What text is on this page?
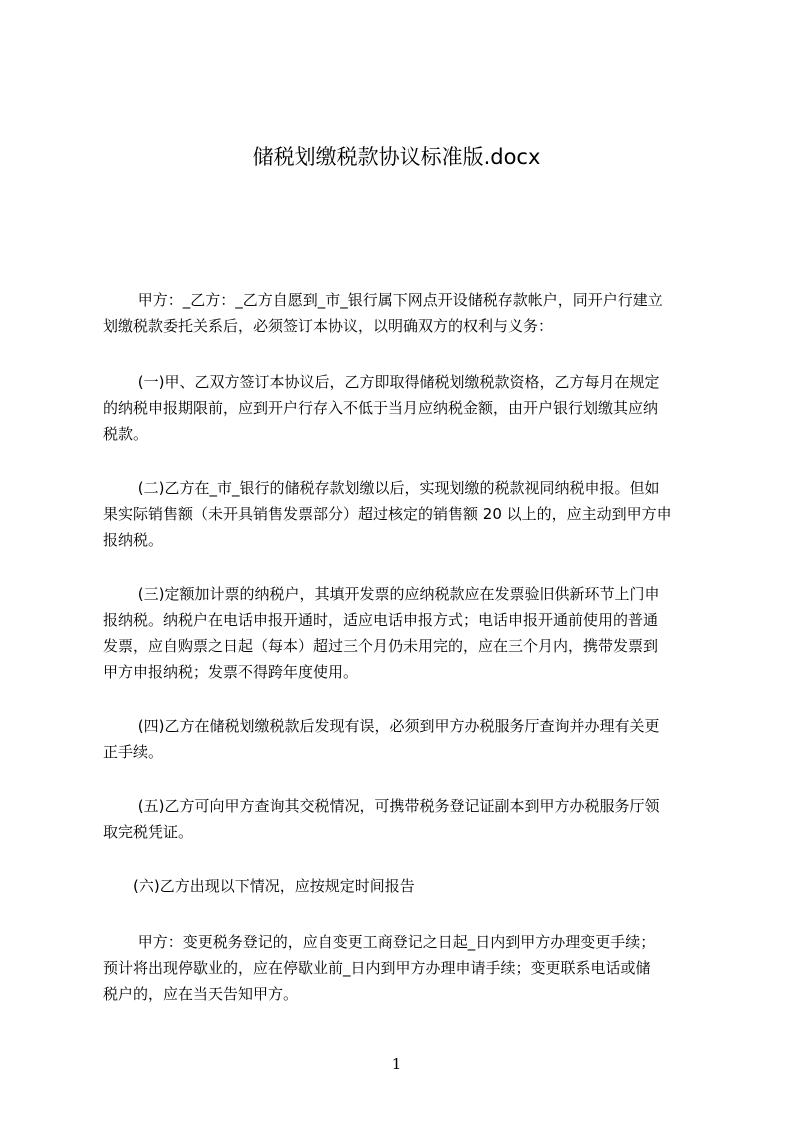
储税划缴税款协议标准版.docx
　　 甲方：_乙方：_乙方自愿到_市_银行属下网点开设储税存款帐户，同开户行建立
划缴税款委托关系后，必须签订本协议，以明确双方的权利与义务：
　　 (一)甲、乙双方签订本协议后，乙方即取得储税划缴税款资格，乙方每月在规定
的纳税申报期限前，应到开户行存入不低于当月应纳税金额，由开户银行划缴其应纳
税款。
　　 (二)乙方在_市_银行的储税存款划缴以后，实现划缴的税款视同纳税申报。但如
果实际销售额（未开具销售发票部分）超过核定的销售额 20 以上的，应主动到甲方申
报纳税。
　　 (三)定额加计票的纳税户，其填开发票的应纳税款应在发票验旧供新环节上门申
报纳税。纳税户在电话申报开通时，适应电话申报方式；电话申报开通前使用的普通
发票，应自购票之日起（每本）超过三个月仍未用完的，应在三个月内，携带发票到
甲方申报纳税；发票不得跨年度使用。
　　 (四)乙方在储税划缴税款后发现有误，必须到甲方办税服务厅查询并办理有关更
正手续。
　　 (五)乙方可向甲方查询其交税情况，可携带税务登记证副本到甲方办税服务厅领
取完税凭证。
　　(六)乙方出现以下情况，应按规定时间报告
　　 甲方：变更税务登记的，应自变更工商登记之日起_日内到甲方办理变更手续；
预计将出现停歇业的，应在停歇业前_日内到甲方办理申请手续；变更联系电话或储
税户的，应在当天告知甲方。
1
